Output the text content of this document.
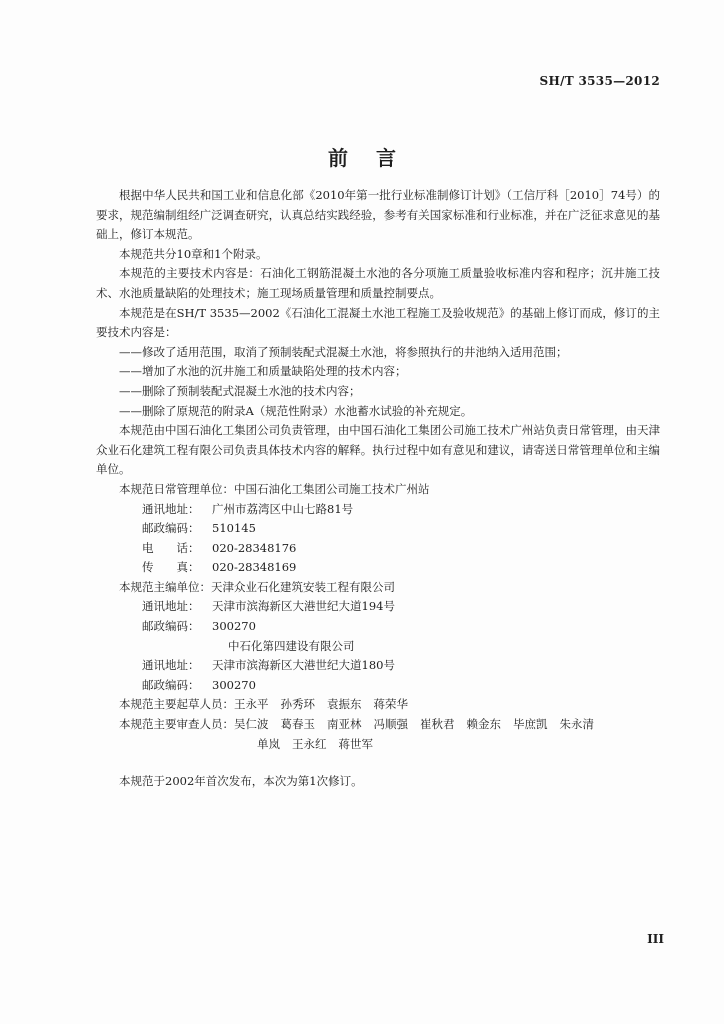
SH/T 3535—2012
前言

根据中华人民共和国工业和信息化部《2010年第一批行业标准制修订计划》（工信厅科［2010］74号）的要求，规范编制组经广泛调查研究，认真总结实践经验，参考有关国家标准和行业标准，并在广泛征求意见的基础上，修订本规范。

本规范共分10章和1个附录。

本规范的主要技术内容是：石油化工钢筋混凝土水池的各分项施工质量验收标准内容和程序；沉井施工技术、水池质量缺陷的处理技术；施工现场质量管理和质量控制要点。

本规范是在SH/T 3535—2002《石油化工混凝土水池工程施工及验收规范》的基础上修订而成，修订的主要技术内容是：

——修改了适用范围，取消了预制装配式混凝土水池，将参照执行的井池纳入适用范围；

——增加了水池的沉井施工和质量缺陷处理的技术内容；

——删除了预制装配式混凝土水池的技术内容；

——删除了原规范的附录A（规范性附录）水池蓄水试验的补充规定。

本规范由中国石油化工集团公司负责管理，由中国石油化工集团公司施工技术广州站负责日常管理，由天津众业石化建筑工程有限公司负责具体技术内容的解释。执行过程中如有意见和建议，请寄送日常管理单位和主编单位。

本规范日常管理单位：中国石油化工集团公司施工技术广州站

通讯地址： 广州市荔湾区中山七路81号

邮政编码： 510145

电　　话： 020-28348176

传　　真： 020-28348169

本规范主编单位：天津众业石化建筑安装工程有限公司

通讯地址： 天津市滨海新区大港世纪大道194号

邮政编码： 300270

中石化第四建设有限公司

通讯地址： 天津市滨海新区大港世纪大道180号

邮政编码： 300270

本规范主要起草人员：王永平 孙秀环 袁振东 蒋荣华

本规范主要审查人员：吴仁波 葛春玉 南亚林 冯顺强 崔秋君 赖金东 毕庶凯 朱永清

单岚 王永红 蒋世军

本规范于2002年首次发布，本次为第1次修订。

III
